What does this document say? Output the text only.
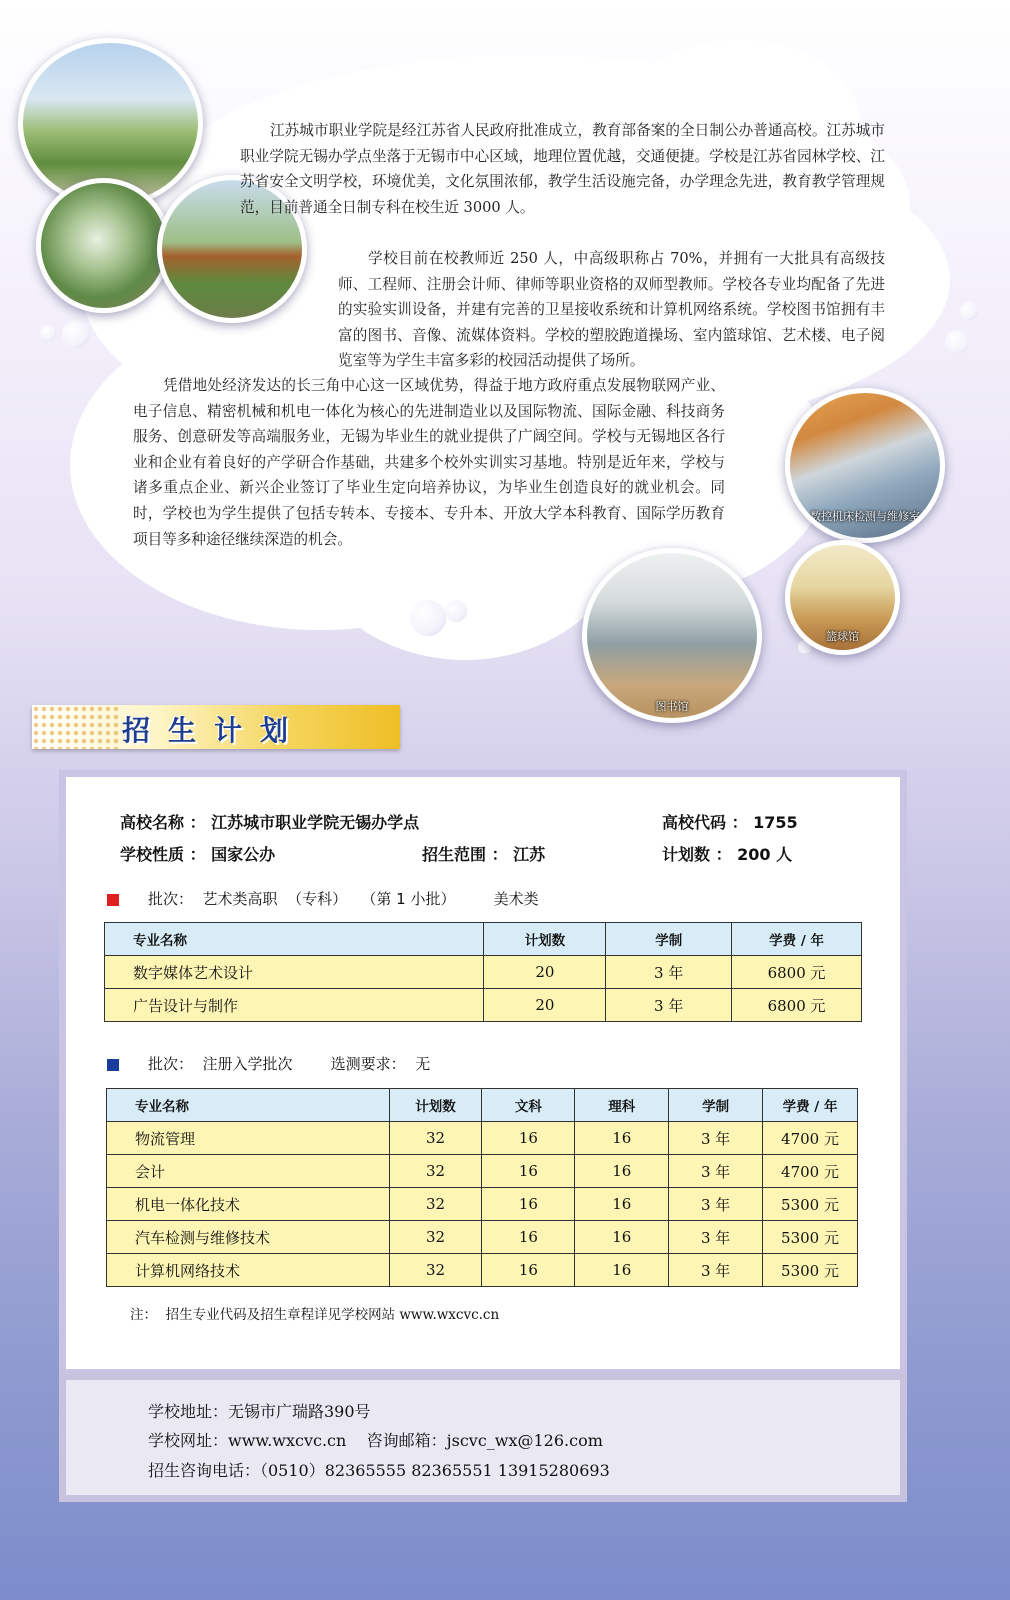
数控机床检测与维修室
篮球馆
图书馆

江苏城市职业学院是经江苏省人民政府批准成立，教育部备案的全日制公办普通高校。江苏城市职业学院无锡办学点坐落于无锡市中心区域，地理位置优越，交通便捷。学校是江苏省园林学校、江苏省安全文明学校，环境优美，文化氛围浓郁，教学生活设施完备，办学理念先进，教育教学管理规范，目前普通全日制专科在校生近 3000 人。

学校目前在校教师近 250 人，中高级职称占 70%，并拥有一大批具有高级技师、工程师、注册会计师、律师等职业资格的双师型教师。学校各专业均配备了先进的实验实训设备，并建有完善的卫星接收系统和计算机网络系统。学校图书馆拥有丰富的图书、音像、流媒体资料。学校的塑胶跑道操场、室内篮球馆、艺术楼、电子阅览室等为学生丰富多彩的校园活动提供了场所。

凭借地处经济发达的长三角中心这一区域优势，得益于地方政府重点发展物联网产业、电子信息、精密机械和机电一体化为核心的先进制造业以及国际物流、国际金融、科技商务服务、创意研发等高端服务业，无锡为毕业生的就业提供了广阔空间。学校与无锡地区各行业和企业有着良好的产学研合作基础，共建多个校外实训实习基地。特别是近年来，学校与诸多重点企业、新兴企业签订了毕业生定向培养协议，为毕业生创造良好的就业机会。同时，学校也为学生提供了包括专转本、专接本、专升本、开放大学本科教育、国际学历教育项目等多种途径继续深造的机会。

招生计划
高校名称 ： 江苏城市职业学院无锡办学点	高校代码 ： 1755
学校性质 ： 国家公办	招生范围 ： 江苏	计划数 ： 200 人
批次：  艺术类高职  （专科）   （第 1 小批）        美术类
专业名称	计划数	学制	学费 / 年
数字媒体艺术设计	20	3 年	6800 元
广告设计与制作	20	3 年	6800 元
批次：  注册入学批次        选测要求：  无
专业名称	计划数	文科	理科	学制	学费 / 年
物流管理	32	16	16	3 年	4700 元
会计	32	16	16	3 年	4700 元
机电一体化技术	32	16	16	3 年	5300 元
汽车检测与维修技术	32	16	16	3 年	5300 元
计算机网络技术	32	16	16	3 年	5300 元
注：  招生专业代码及招生章程详见学校网站 www.wxcvc.cn
学校地址：无锡市广瑞路390号
学校网址：www.wxcvc.cn    咨询邮箱：jscvc_wx@126.com
招生咨询电话：（0510）82365555 82365551 13915280693
